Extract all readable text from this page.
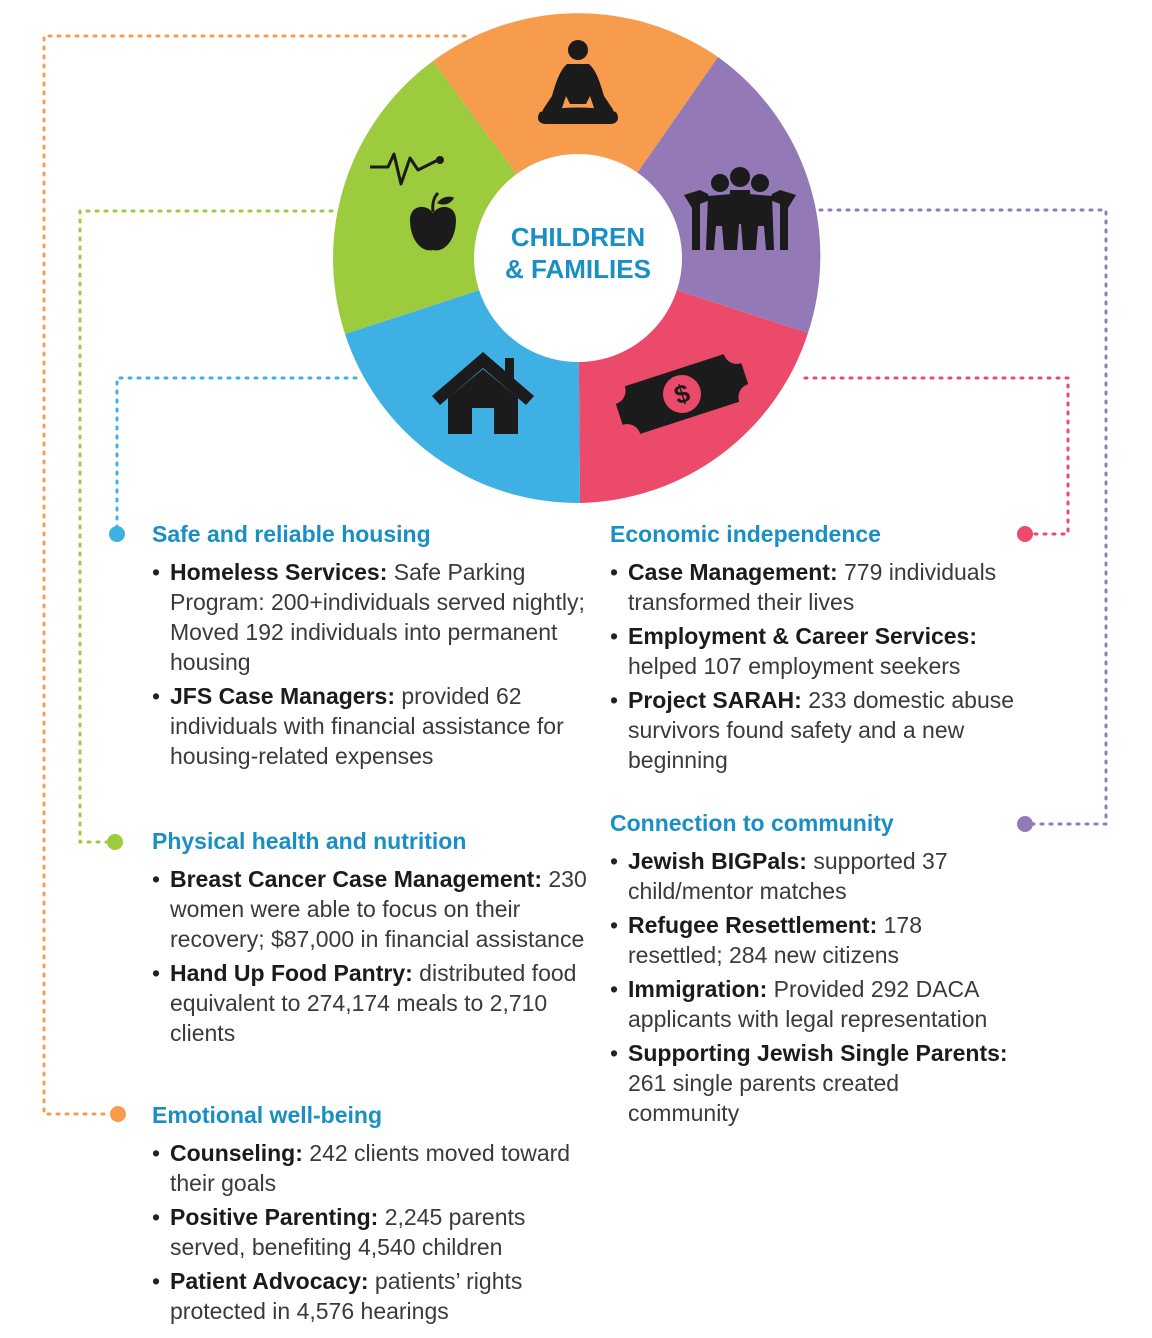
CHILDREN
& FAMILIES
$
Safe and reliable housing
• Homeless Services: Safe Parking Program: 200+individuals served nightly; Moved 192 individuals into permanent housing
• JFS Case Managers: provided 62 individuals with financial assistance for housing-related expenses
Physical health and nutrition
• Breast Cancer Case Management: 230 women were able to focus on their recovery; $87,000 in financial assistance
• Hand Up Food Pantry: distributed food equivalent to 274,174 meals to 2,710 clients
Emotional well-being
• Counseling: 242 clients moved toward their goals
• Positive Parenting: 2,245 parents served, benefiting 4,540 children
• Patient Advocacy: patients’ rights protected in 4,576 hearings
Economic independence
• Case Management: 779 individuals transformed their lives
• Employment & Career Services: helped 107 employment seekers
• Project SARAH: 233 domestic abuse survivors found safety and a new beginning
Connection to community
• Jewish BIGPals: supported 37 child/mentor matches
• Refugee Resettlement: 178 resettled; 284 new citizens
• Immigration: Provided 292 DACA applicants with legal representation
• Supporting Jewish Single Parents: 261 single parents created community
